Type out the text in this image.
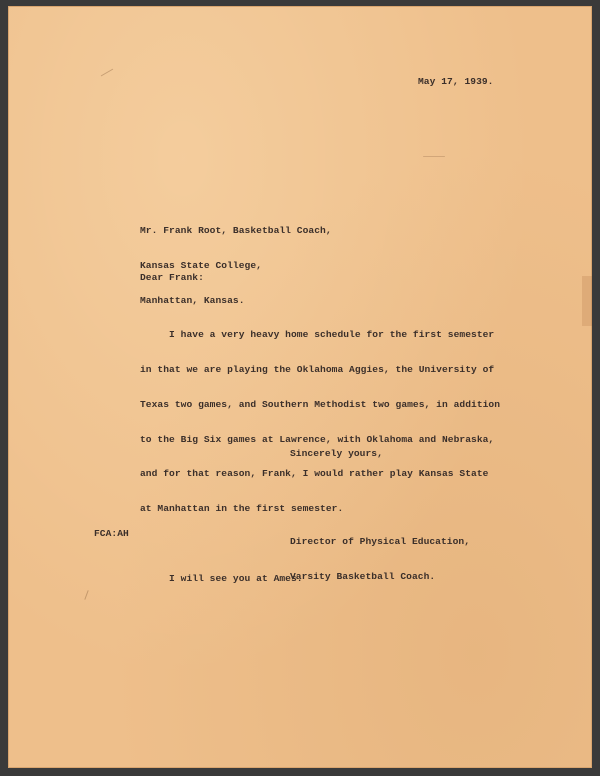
May 17, 1939.

Mr. Frank Root, Basketball Coach,

Kansas State College,

Manhattan, Kansas.

Dear Frank:

I have a very heavy home schedule for the first semester

in that we are playing the Oklahoma Aggies, the University of

Texas two games, and Southern Methodist two games, in addition

to the Big Six games at Lawrence, with Oklahoma and Nebraska,

and for that reason, Frank, I would rather play Kansas State

at Manhattan in the first semester.

I will see you at Ames.

Sincerely yours,

Director of Physical Education,

Varsity Basketball Coach.

FCA:AH
